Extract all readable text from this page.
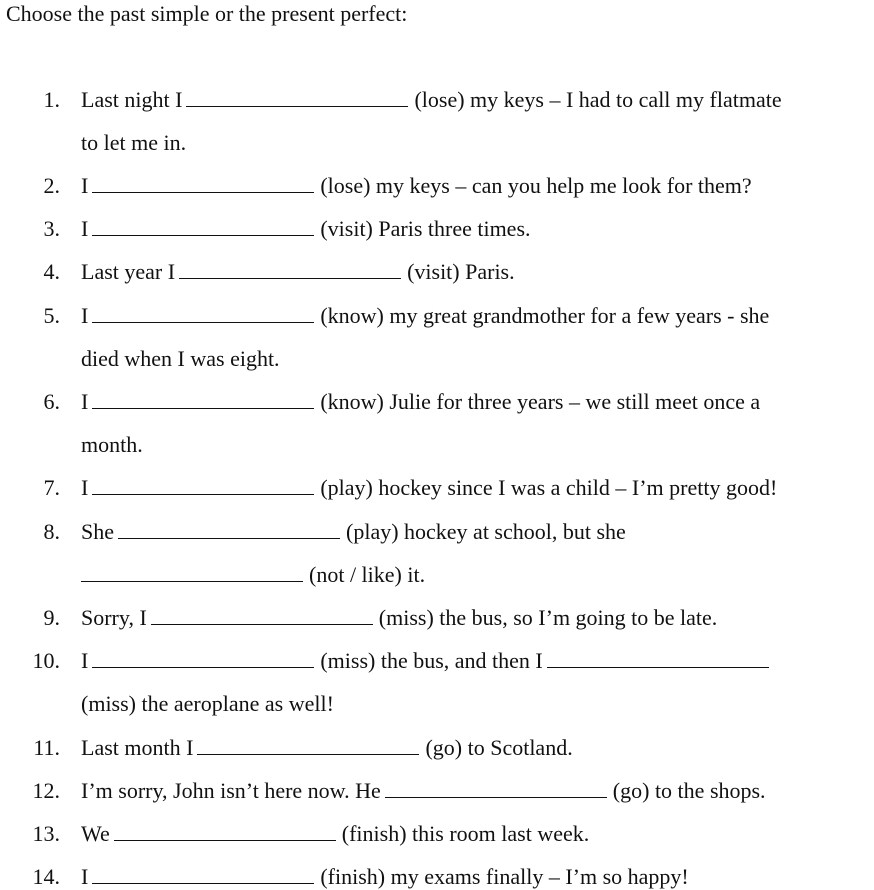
Choose the past simple or the present perfect:
1. Last night I	(lose) my keys – I had to call my flatmate
to let me in.
2. I	(lose) my keys – can you help me look for them?
3. I	(visit) Paris three times.
4. Last year I	(visit) Paris.
5. I	(know) my great grandmother for a few years - she
died when I was eight.
6. I	(know) Julie for three years – we still meet once a
month.
7. I	(play) hockey since I was a child – I’m pretty good!
8. She	(play) hockey at school, but she
(not / like) it.
9. Sorry, I	(miss) the bus, so I’m going to be late.
10. I	(miss) the bus, and then I
(miss) the aeroplane as well!
11. Last month I	(go) to Scotland.
12. I’m sorry, John isn’t here now. He	(go) to the shops.
13. We	(finish) this room last week.
14. I	(finish) my exams finally – I’m so happy!
